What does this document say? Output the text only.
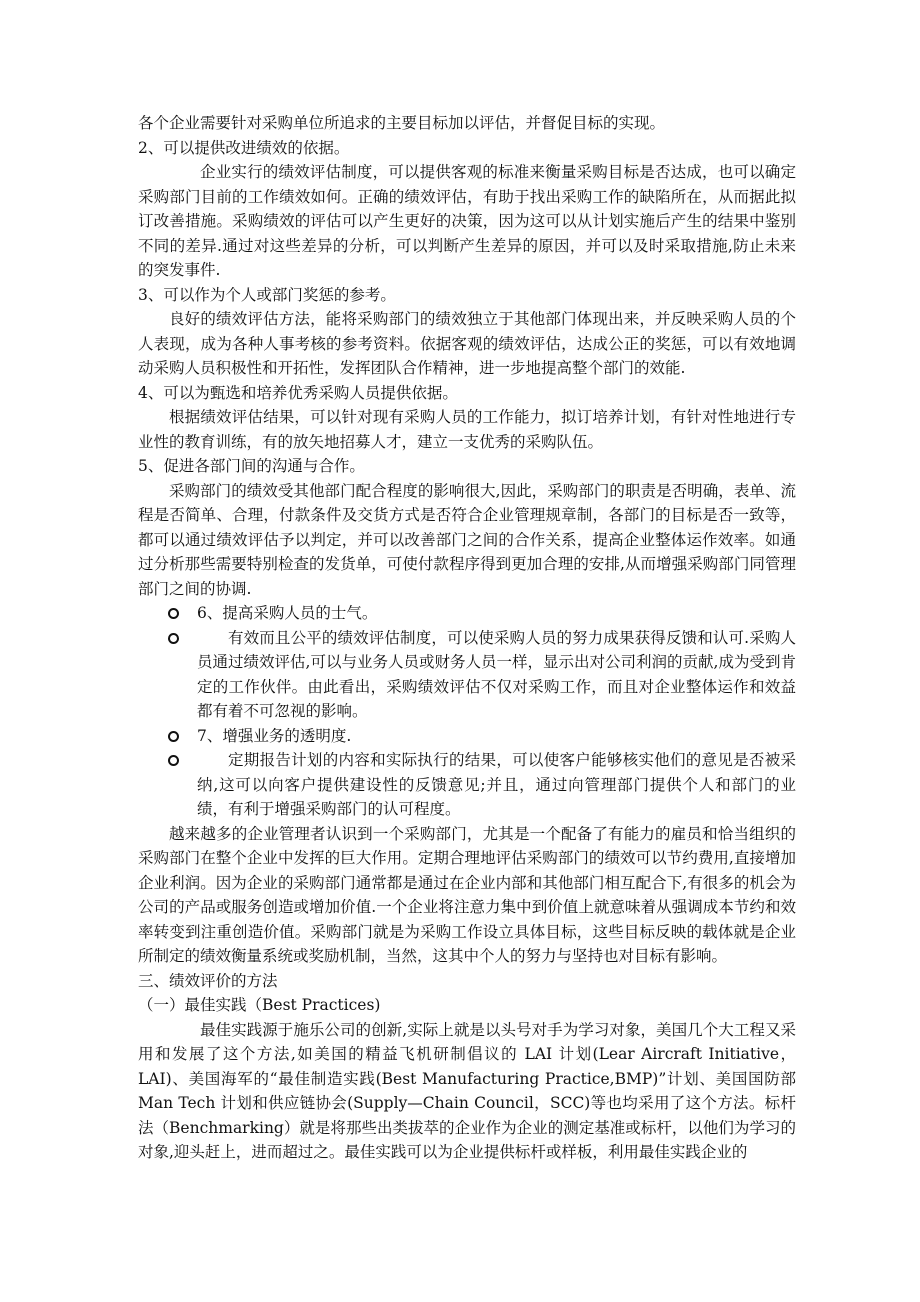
各个企业需要针对采购单位所追求的主要目标加以评估，并督促目标的实现。

2、可以提供改进绩效的依据。

企业实行的绩效评估制度，可以提供客观的标准来衡量采购目标是否达成，也可以确定采购部门目前的工作绩效如何。正确的绩效评估，有助于找出采购工作的缺陷所在，从而据此拟订改善措施。采购绩效的评估可以产生更好的决策，因为这可以从计划实施后产生的结果中鉴别不同的差异.通过对这些差异的分析，可以判断产生差异的原因，并可以及时采取措施,防止未来的突发事件.

3、可以作为个人或部门奖惩的参考。

良好的绩效评估方法，能将采购部门的绩效独立于其他部门体现出来，并反映采购人员的个人表现，成为各种人事考核的参考资料。依据客观的绩效评估，达成公正的奖惩，可以有效地调动采购人员积极性和开拓性，发挥团队合作精神，进一步地提高整个部门的效能.

4、可以为甄选和培养优秀采购人员提供依据。

根据绩效评估结果，可以针对现有采购人员的工作能力，拟订培养计划，有针对性地进行专业性的教育训练，有的放矢地招募人才，建立一支优秀的采购队伍。

5、促进各部门间的沟通与合作。

采购部门的绩效受其他部门配合程度的影响很大,因此，采购部门的职责是否明确，表单、流程是否简单、合理，付款条件及交货方式是否符合企业管理规章制，各部门的目标是否一致等，都可以通过绩效评估予以判定，并可以改善部门之间的合作关系，提高企业整体运作效率。如通过分析那些需要特别检查的发货单，可使付款程序得到更加合理的安排,从而增强采购部门同管理部门之间的协调.

6、提高采购人员的士气。
有效而且公平的绩效评估制度，可以使采购人员的努力成果获得反馈和认可.采购人员通过绩效评估,可以与业务人员或财务人员一样，显示出对公司利润的贡献,成为受到肯定的工作伙伴。由此看出，采购绩效评估不仅对采购工作，而且对企业整体运作和效益都有着不可忽视的影响。
7、增强业务的透明度.
定期报告计划的内容和实际执行的结果，可以使客户能够核实他们的意见是否被采纳,这可以向客户提供建设性的反馈意见;并且，通过向管理部门提供个人和部门的业绩，有利于增强采购部门的认可程度。

越来越多的企业管理者认识到一个采购部门，尤其是一个配备了有能力的雇员和恰当组织的采购部门在整个企业中发挥的巨大作用。定期合理地评估采购部门的绩效可以节约费用,直接增加企业利润。因为企业的采购部门通常都是通过在企业内部和其他部门相互配合下,有很多的机会为公司的产品或服务创造或增加价值.一个企业将注意力集中到价值上就意味着从强调成本节约和效率转变到注重创造价值。采购部门就是为采购工作设立具体目标，这些目标反映的载体就是企业所制定的绩效衡量系统或奖励机制，当然，这其中个人的努力与坚持也对目标有影响。

三、绩效评价的方法

（一）最佳实践（Best Practices)

最佳实践源于施乐公司的创新,实际上就是以头号对手为学习对象，美国几个大工程又采用和发展了这个方法,如美国的精益飞机研制倡议的 LAI 计划(Lear Aircraft Initiative，LAI)、美国海军的“最佳制造实践(Best Manufacturing Practice,BMP)”计划、美国国防部 Man Tech 计划和供应链协会(Supply—Chain Council，SCC)等也均采用了这个方法。标杆法（Benchmarking）就是将那些出类拔萃的企业作为企业的测定基准或标杆，以他们为学习的对象,迎头赶上，进而超过之。最佳实践可以为企业提供标杆或样板，利用最佳实践企业的

www.i…
